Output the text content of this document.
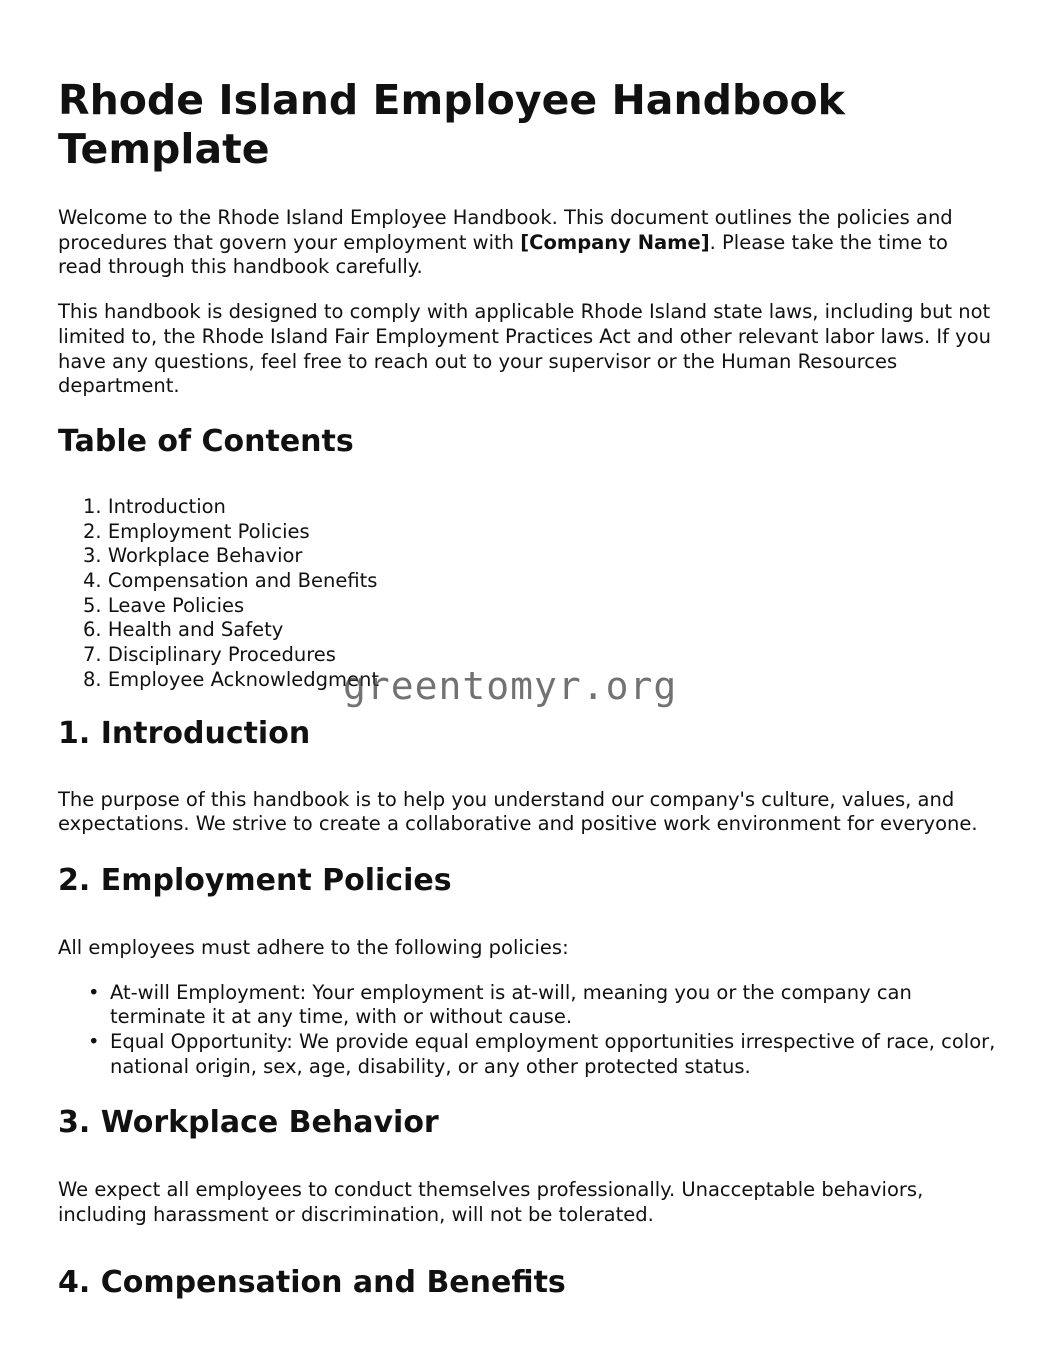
Rhode Island Employee Handbook Template

Welcome to the Rhode Island Employee Handbook. This document outlines the policies and procedures that govern your employment with [Company Name]. Please take the time to read through this handbook carefully.

This handbook is designed to comply with applicable Rhode Island state laws, including but not limited to, the Rhode Island Fair Employment Practices Act and other relevant labor laws. If you have any questions, feel free to reach out to your supervisor or the Human Resources department.

Table of Contents
1. Introduction
2. Employment Policies
3. Workplace Behavior
4. Compensation and Benefits
5. Leave Policies
6. Health and Safety
7. Disciplinary Procedures
8. Employee Acknowledgment
1. Introduction

The purpose of this handbook is to help you understand our company's culture, values, and expectations. We strive to create a collaborative and positive work environment for everyone.

2. Employment Policies

All employees must adhere to the following policies:

• At-will Employment: Your employment is at-will, meaning you or the company can terminate it at any time, with or without cause.
• Equal Opportunity: We provide equal employment opportunities irrespective of race, color, national origin, sex, age, disability, or any other protected status.
3. Workplace Behavior

We expect all employees to conduct themselves professionally. Unacceptable behaviors, including harassment or discrimination, will not be tolerated.

4. Compensation and Benefits
greentomyr.org
